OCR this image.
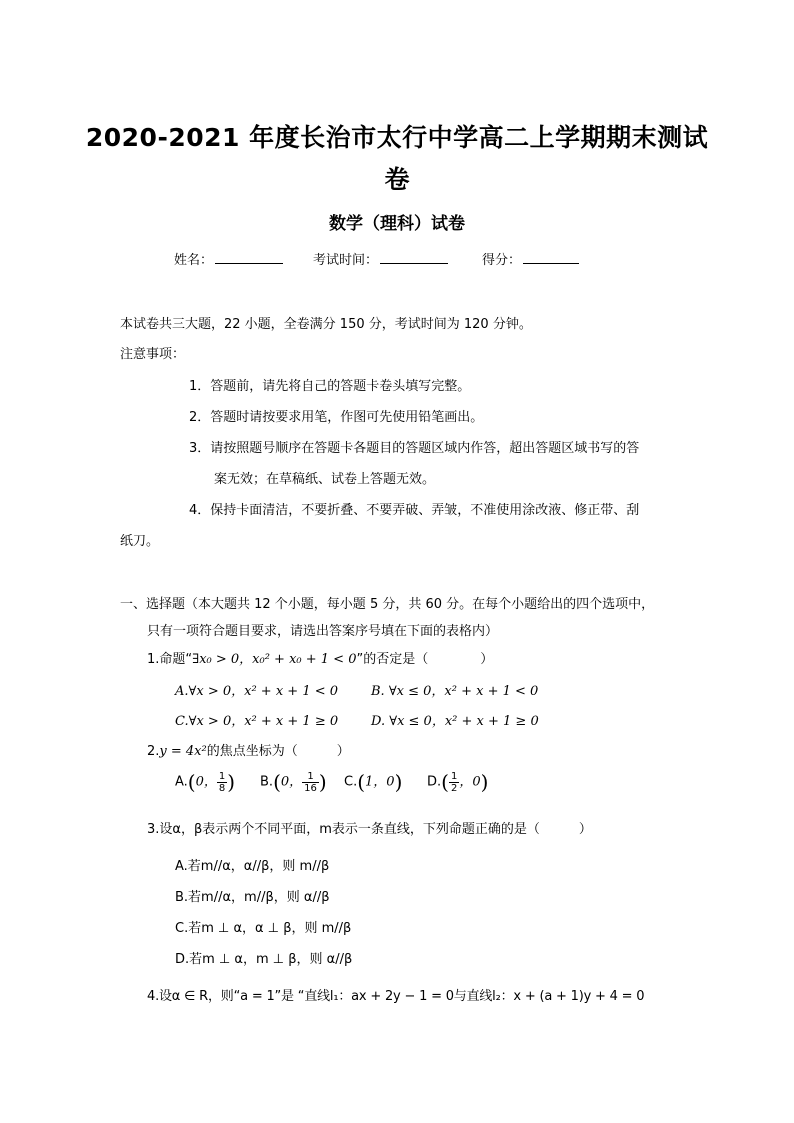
2020-2021 年度长治市太行中学高二上学期期末测试
卷
数学（理科）试卷
姓名：	考试时间：	得分：
本试卷共三大题，22 小题，全卷满分 150 分，考试时间为 120 分钟。
注意事项：
1．答题前，请先将自己的答题卡卷头填写完整。
2．答题时请按要求用笔，作图可先使用铅笔画出。
3．请按照题号顺序在答题卡各题目的答题区域内作答，超出答题区域书写的答
案无效；在草稿纸、试卷上答题无效。
4．保持卡面清洁，不要折叠、不要弄破、弄皱，不准使用涂改液、修正带、刮
纸刀。
一、选择题（本大题共 12 个小题，每小题 5 分，共 60 分。在每个小题给出的四个选项中，
只有一项符合题目要求，请选出答案序号填在下面的表格内）
1.命题“∃x₀ > 0，x₀² + x₀ + 1 < 0”的否定是（　　　　）
A.∀x > 0，x² + x + 1 < 0	B. ∀x ≤ 0，x² + x + 1 < 0
C.∀x > 0，x² + x + 1 ≥ 0	D. ∀x ≤ 0，x² + x + 1 ≥ 0
2.y = 4x²的焦点坐标为（　　　）
A.(0， $\frac{1}{8}$ ) B.(0， $\frac{1}{16}$ ) C.(1，0) $D.( \frac{1}{2}$ ，0)
3.设α，β表示两个不同平面，m表示一条直线，下列命题正确的是（　　　）
A.若m//α，α//β，则 m//β
B.若m//α，m//β，则 α//β
C.若m ⊥ α，α ⊥ β，则 m//β
D.若m ⊥ α，m ⊥ β，则 α//β
4.设α ∈ R，则“a = 1”是 “直线l₁：ax + 2y − 1 = 0与直线l₂：x + (a + 1)y + 4 = 0
